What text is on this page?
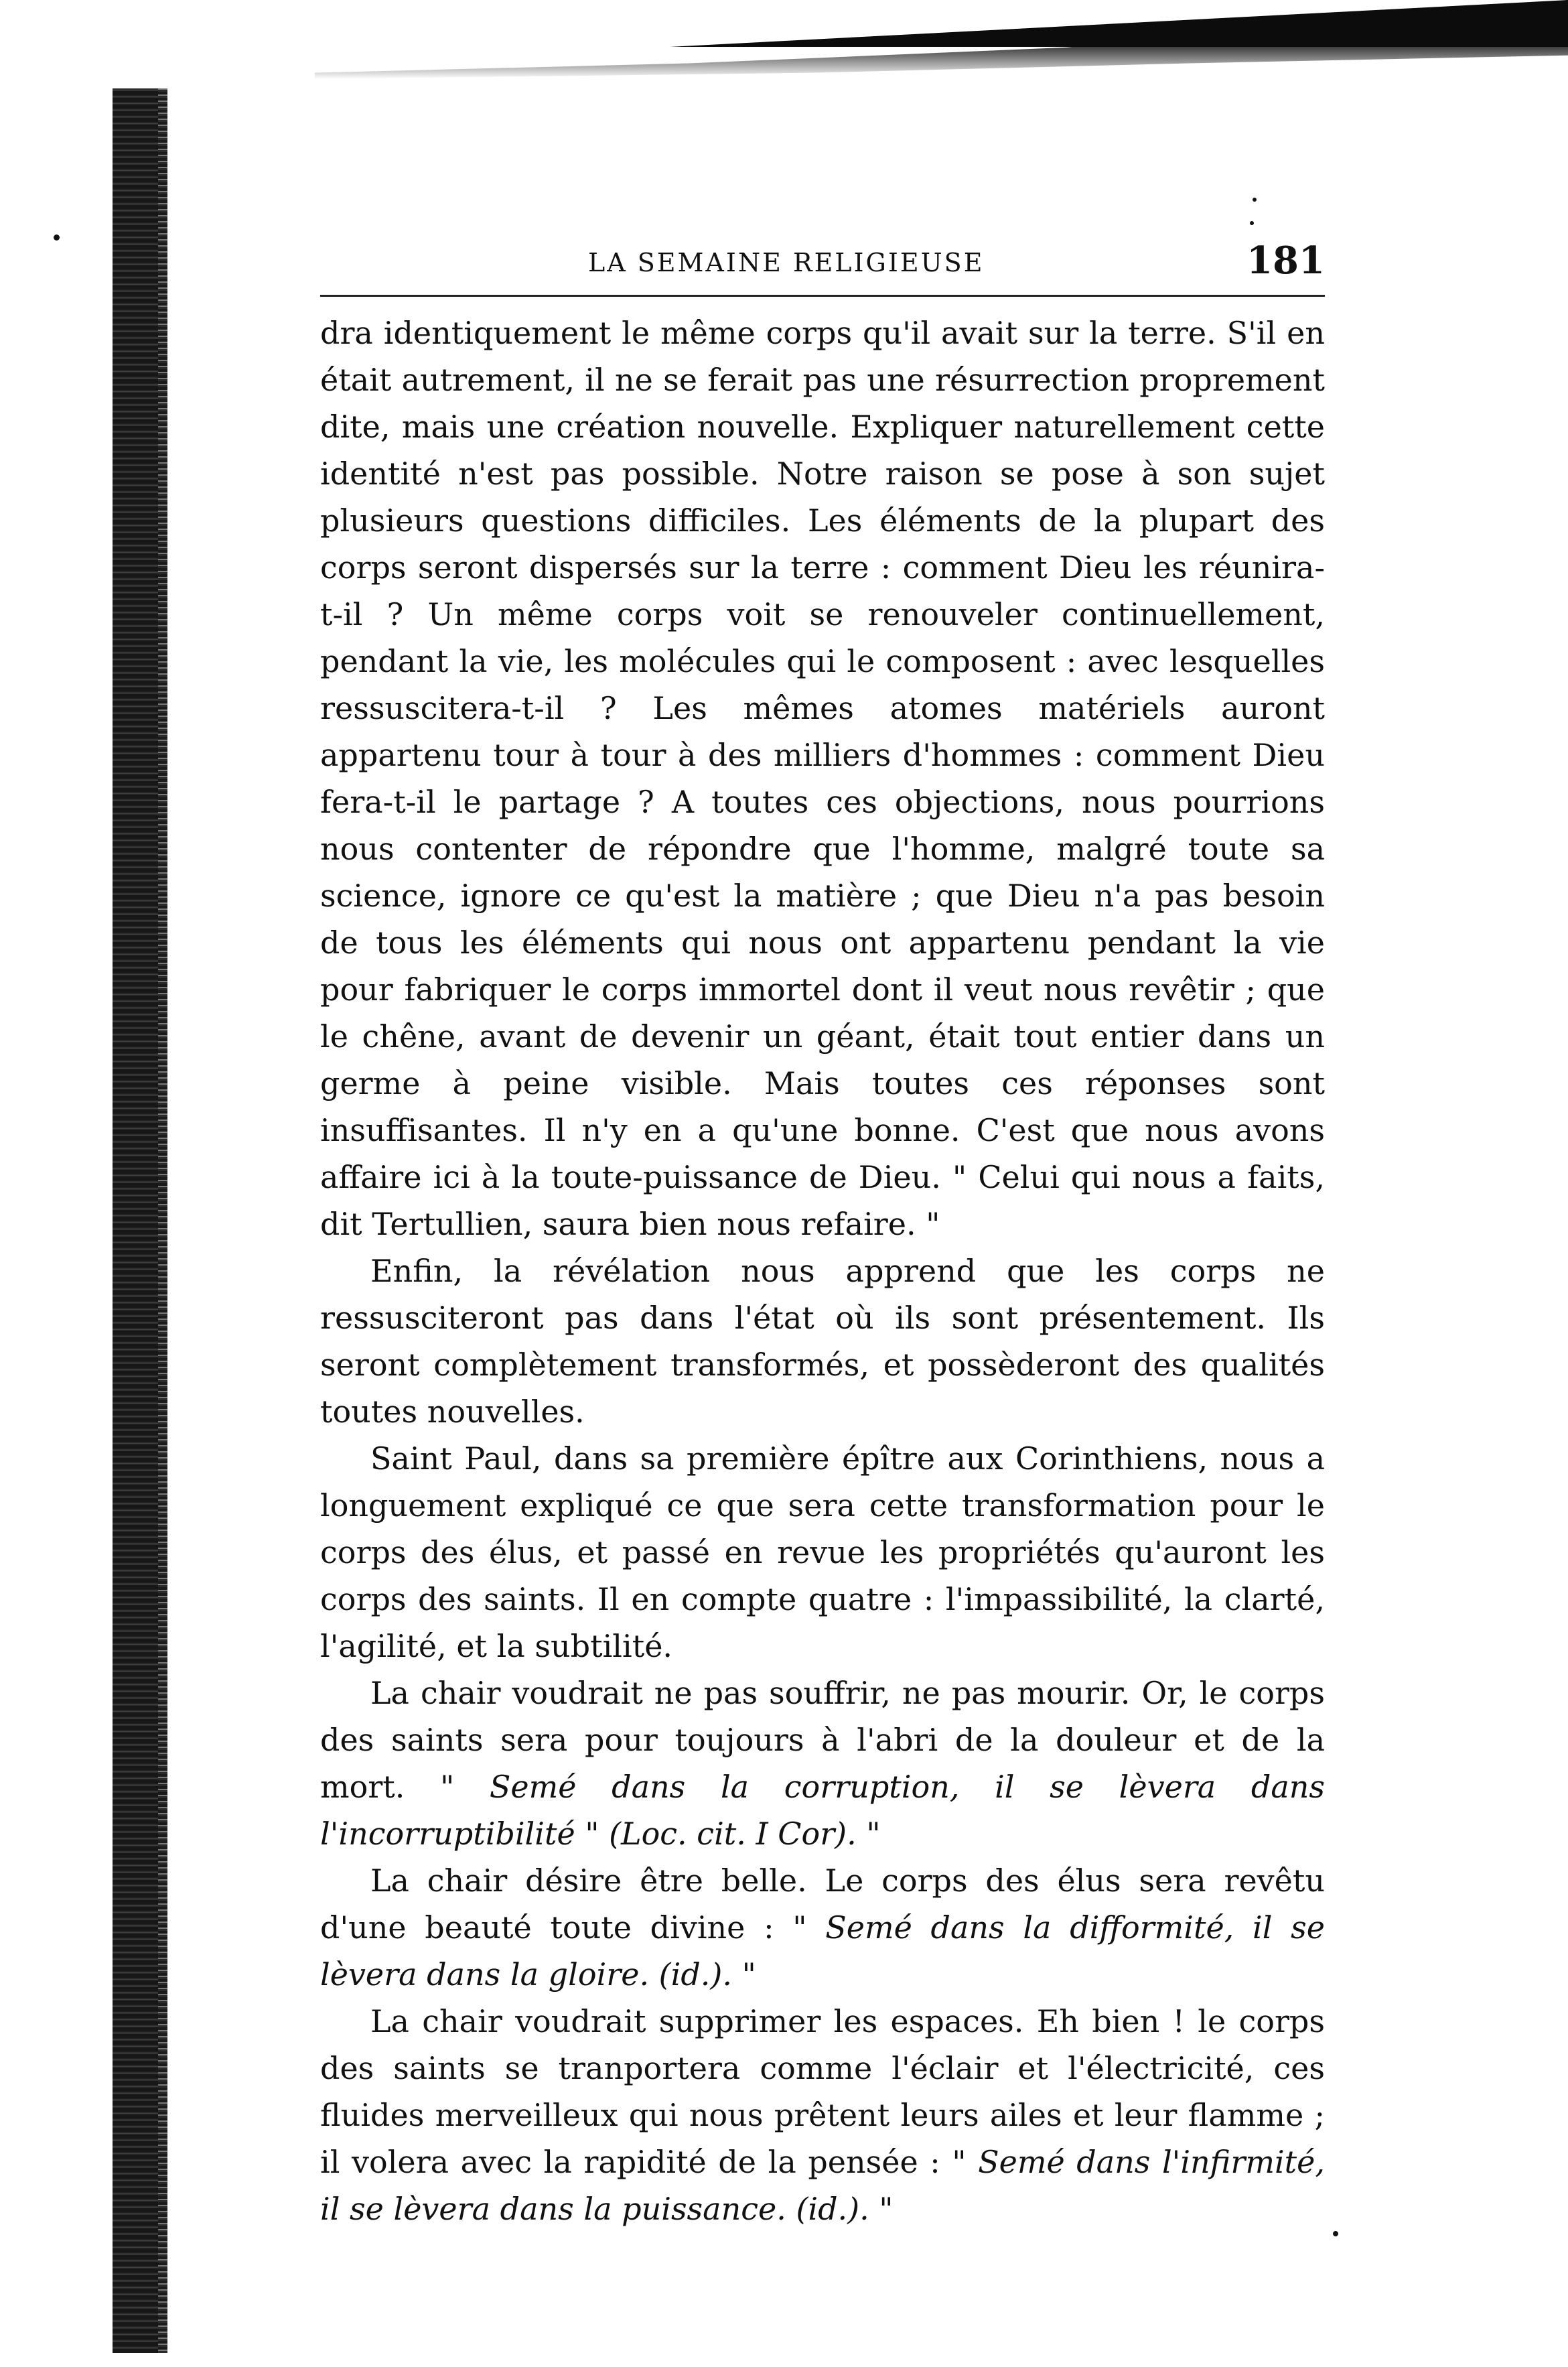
LA SEMAINE RELIGIEUSE	181

dra identiquement le même corps qu'il avait sur la terre. S'il en était autrement, il ne se ferait pas une résurrection proprement dite, mais une création nouvelle. Expliquer naturellement cette identité n'est pas possible. Notre raison se pose à son sujet plusieurs questions difficiles. Les éléments de la plupart des corps seront dispersés sur la terre : comment Dieu les réunira-t-il ? Un même corps voit se renouveler continuellement, pendant la vie, les molécules qui le composent : avec lesquelles ressuscitera-t-il ? Les mêmes atomes matériels auront appartenu tour à tour à des milliers d'hommes : comment Dieu fera-t-il le partage ? A toutes ces objections, nous pourrions nous contenter de répondre que l'homme, malgré toute sa science, ignore ce qu'est la matière ; que Dieu n'a pas besoin de tous les éléments qui nous ont appartenu pendant la vie pour fabriquer le corps immortel dont il veut nous revêtir ; que le chêne, avant de devenir un géant, était tout entier dans un germe à peine visible. Mais toutes ces réponses sont insuffisantes. Il n'y en a qu'une bonne. C'est que nous avons affaire ici à la toute-puissance de Dieu. " Celui qui nous a faits, dit Tertullien, saura bien nous refaire. "

Enfin, la révélation nous apprend que les corps ne ressusciteront pas dans l'état où ils sont présentement. Ils seront complètement transformés, et possèderont des qualités toutes nouvelles.

Saint Paul, dans sa première épître aux Corinthiens, nous a longuement expliqué ce que sera cette transformation pour le corps des élus, et passé en revue les propriétés qu'auront les corps des saints. Il en compte quatre : l'impassibilité, la clarté, l'agilité, et la subtilité.

La chair voudrait ne pas souffrir, ne pas mourir. Or, le corps des saints sera pour toujours à l'abri de la douleur et de la mort. " Semé dans la corruption, il se lèvera dans l'incorruptibilité " (Loc. cit. I Cor). "

La chair désire être belle. Le corps des élus sera revêtu d'une beauté toute divine : " Semé dans la difformité, il se lèvera dans la gloire. (id.). "

La chair voudrait supprimer les espaces. Eh bien ! le corps des saints se tranportera comme l'éclair et l'électricité, ces fluides merveilleux qui nous prêtent leurs ailes et leur flamme ; il volera avec la rapidité de la pensée : " Semé dans l'infirmité, il se lèvera dans la puissance. (id.). "
